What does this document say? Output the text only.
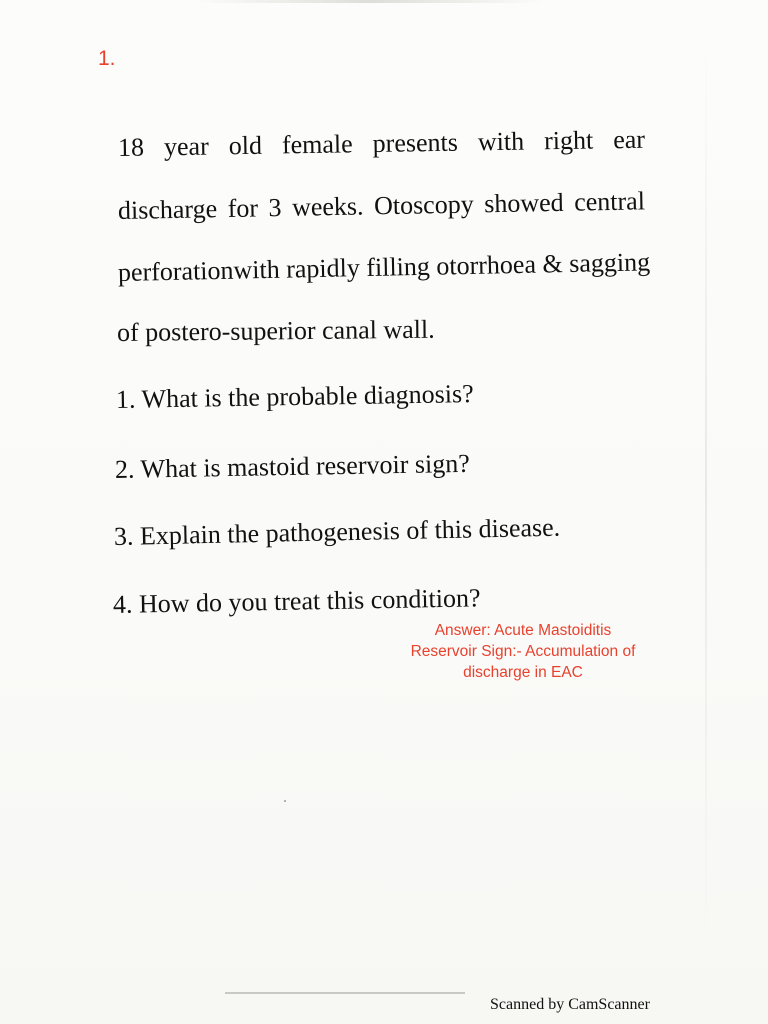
1.
18 year old female presents with right ear
discharge for 3 weeks. Otoscopy showed central
perforationwith rapidly filling otorrhoea & sagging
of postero-superior canal wall.
1. What is the probable diagnosis?
2. What is mastoid reservoir sign?
3. Explain the pathogenesis of this disease.
4. How do you treat this condition?
Answer: Acute Mastoiditis
Reservoir Sign:- Accumulation of
discharge in EAC
Scanned by CamScanner
